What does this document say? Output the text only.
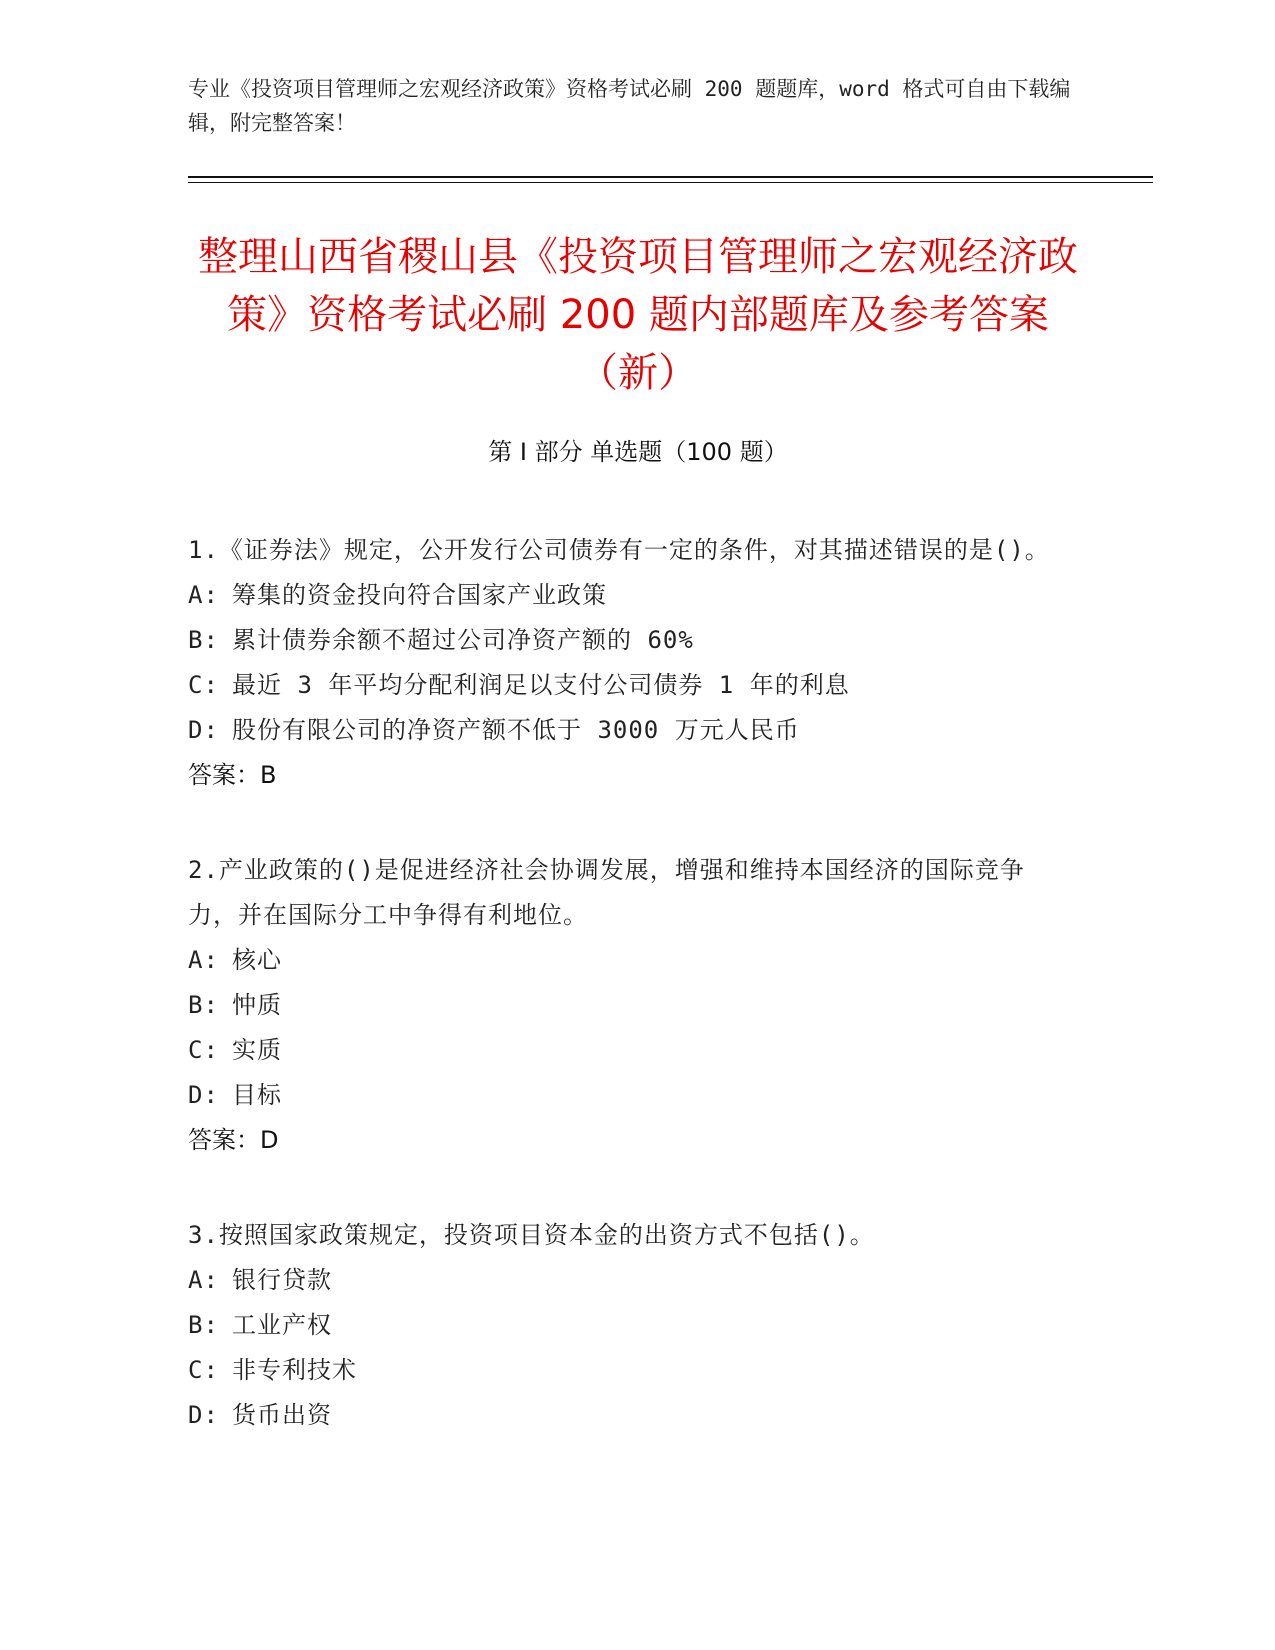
专业《投资项目管理师之宏观经济政策》资格考试必刷 200 题题库，word 格式可自由下载编辑，附完整答案！
整理山西省稷山县《投资项目管理师之宏观经济政策》资格考试必刷 200 题内部题库及参考答案（新）
第 I 部分 单选题（100 题）
1.《证券法》规定，公开发行公司债券有一定的条件，对其描述错误的是()。
A: 筹集的资金投向符合国家产业政策
B: 累计债券余额不超过公司净资产额的 60%
C: 最近 3 年平均分配利润足以支付公司债券 1 年的利息
D: 股份有限公司的净资产额不低于 3000 万元人民币
答案：B
2.产业政策的()是促进经济社会协调发展，增强和维持本国经济的国际竞争力，并在国际分工中争得有利地位。
A: 核心
B: 忡质
C: 实质
D: 目标
答案：D
3.按照国家政策规定，投资项目资本金的出资方式不包括()。
A: 银行贷款
B: 工业产权
C: 非专利技术
D: 货币出资
